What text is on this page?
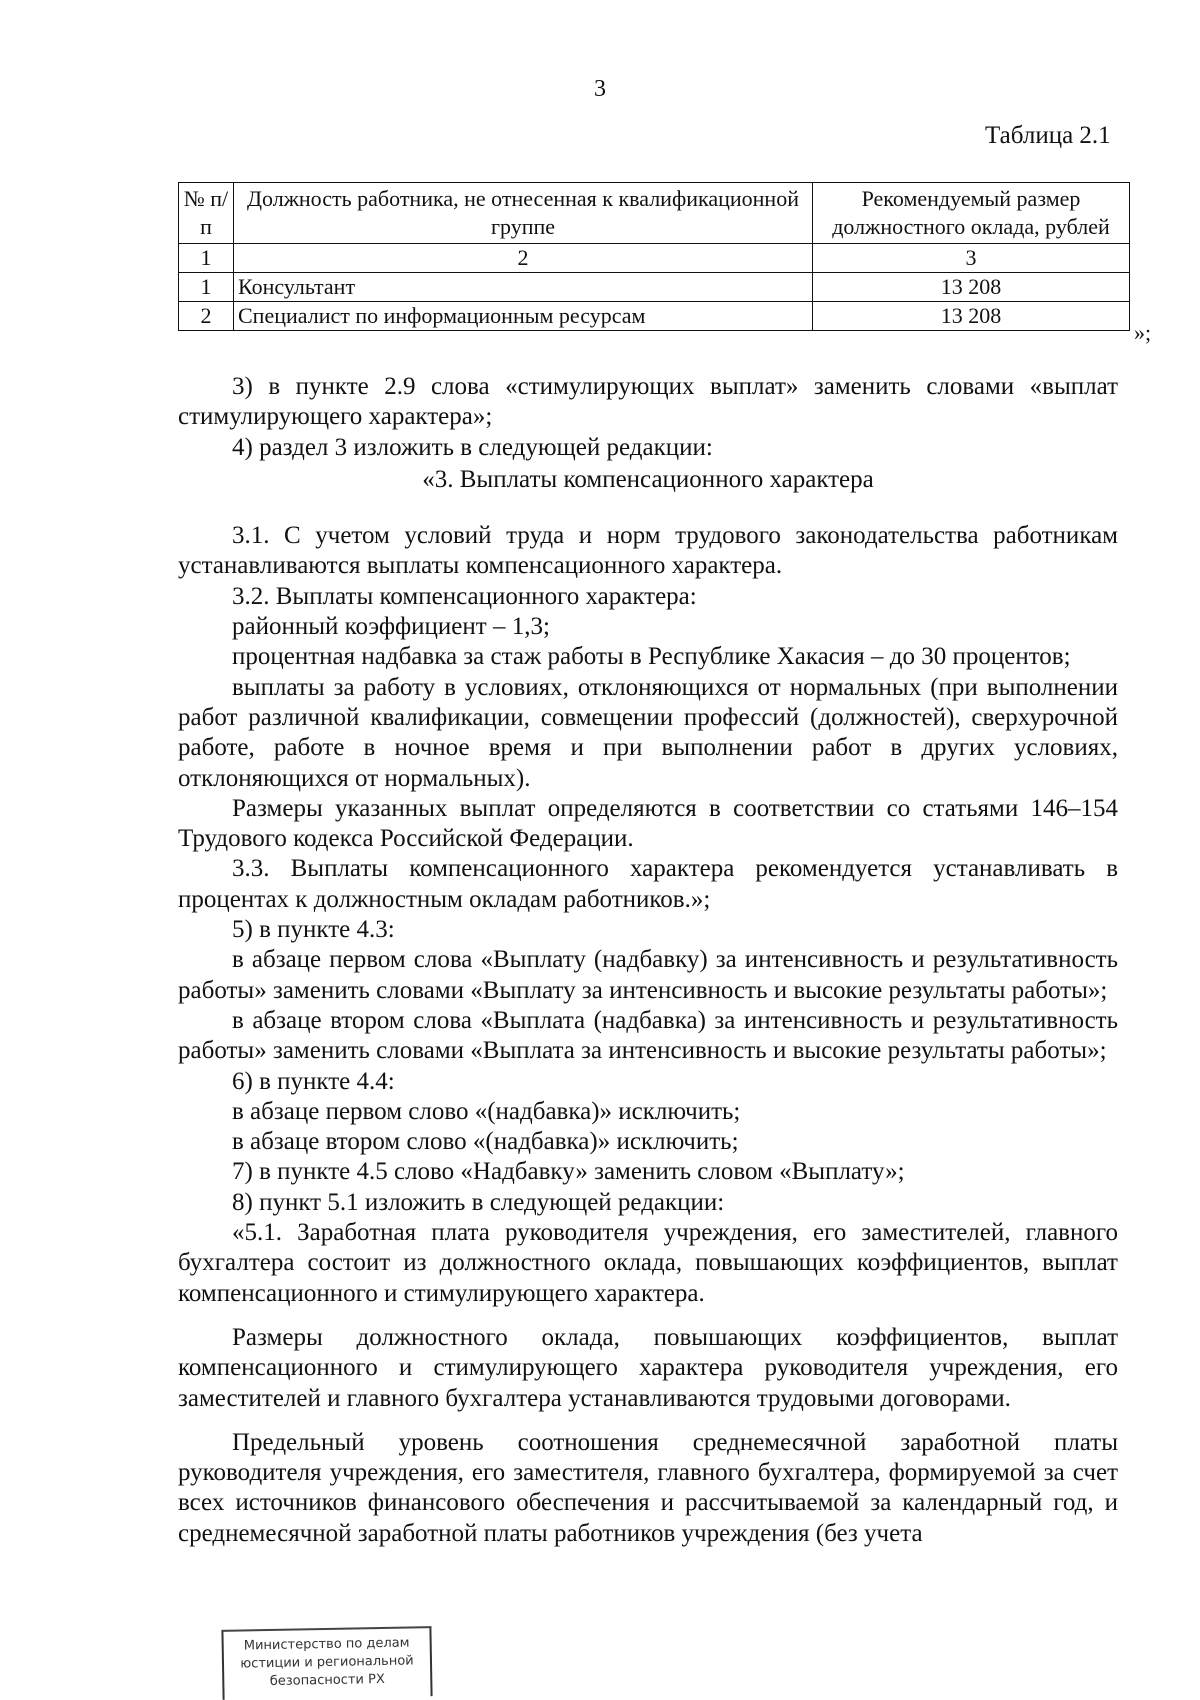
3
Таблица 2.1
№ п/п	Должность работника, не отнесенная к квалификационной группе	Рекомендуемый размер должностного оклада, рублей
1	2	3
1	Консультант	13 208
2	Специалист по информационным ресурсам	13 208
»;

3) в пункте 2.9 слова «стимулирующих выплат» заменить словами «выплат стимулирующего характера»;

4) раздел 3 изложить в следующей редакции:

«3. Выплаты компенсационного характера

3.1. С учетом условий труда и норм трудового законодательства работникам устанавливаются выплаты компенсационного характера.

3.2. Выплаты компенсационного характера:

районный коэффициент – 1,3;

процентная надбавка за стаж работы в Республике Хакасия – до 30 процентов;

выплаты за работу в условиях, отклоняющихся от нормальных (при выполнении работ различной квалификации, совмещении профессий (должностей), сверхурочной работе, работе в ночное время и при выполнении работ в других условиях, отклоняющихся от нормальных).

Размеры указанных выплат определяются в соответствии со статьями 146–154 Трудового кодекса Российской Федерации.

3.3. Выплаты компенсационного характера рекомендуется устанавливать в процентах к должностным окладам работников.»;

5) в пункте 4.3:

в абзаце первом слова «Выплату (надбавку) за интенсивность и результативность работы» заменить словами «Выплату за интенсивность и высокие результаты работы»;

в абзаце втором слова «Выплата (надбавка) за интенсивность и результативность работы» заменить словами «Выплата за интенсивность и высокие результаты работы»;

6) в пункте 4.4:

в абзаце первом слово «(надбавка)» исключить;

в абзаце втором слово «(надбавка)» исключить;

7) в пункте 4.5 слово «Надбавку» заменить словом «Выплату»;

8) пункт 5.1 изложить в следующей редакции:

«5.1. Заработная плата руководителя учреждения, его заместителей, главного бухгалтера состоит из должностного оклада, повышающих коэффициентов, выплат компенсационного и стимулирующего характера.

Размеры должностного оклада, повышающих коэффициентов, выплат компенсационного и стимулирующего характера руководителя учреждения, его заместителей и главного бухгалтера устанавливаются трудовыми договорами.

Предельный уровень соотношения среднемесячной заработной платы руководителя учреждения, его заместителя, главного бухгалтера, формируемой за счет всех источников финансового обеспечения и рассчитываемой за календарный год, и среднемесячной заработной платы работников учреждения (без учета

Министерство по делам
юстиции и региональной
безопасности РХ
